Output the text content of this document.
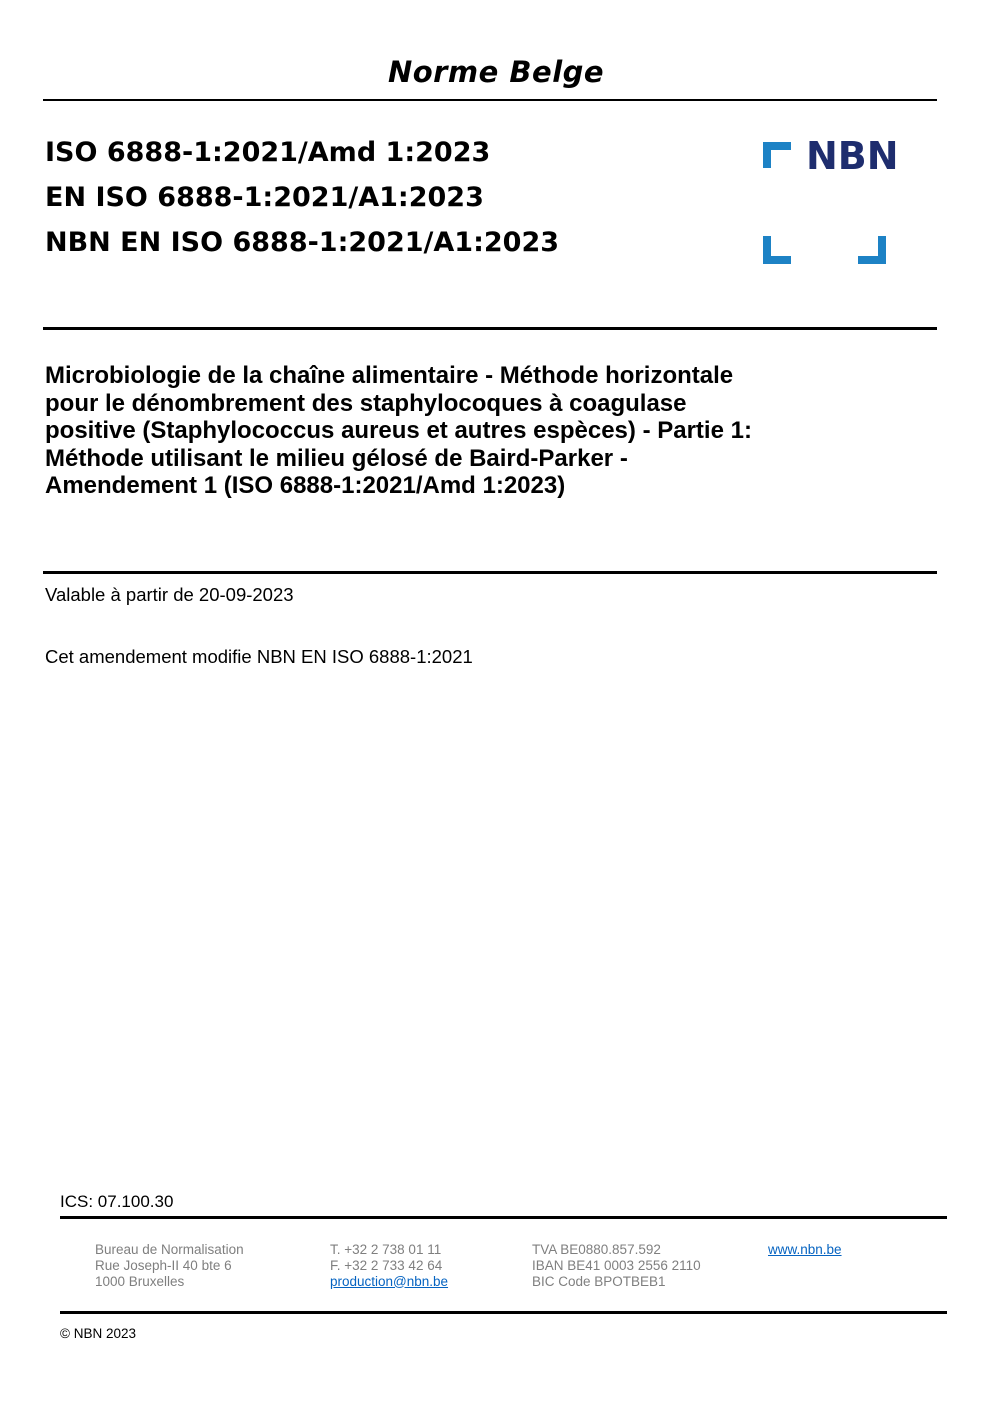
Norme Belge
ISO 6888-1:2021/Amd 1:2023
EN ISO 6888-1:2021/A1:2023
NBN EN ISO 6888-1:2021/A1:2023
NBN
Microbiologie de la chaîne alimentaire - Méthode horizontale
pour le dénombrement des staphylocoques à coagulase
positive (Staphylococcus aureus et autres espèces) - Partie 1:
Méthode utilisant le milieu gélosé de Baird-Parker -
Amendement 1 (ISO 6888-1:2021/Amd 1:2023)
Valable à partir de 20-09-2023
Cet amendement modifie NBN EN ISO 6888-1:2021
ICS: 07.100.30
Bureau de Normalisation
Rue Joseph-II 40 bte 6
1000 Bruxelles
T. +32 2 738 01 11
F. +32 2 733 42 64
production@nbn.be
TVA BE0880.857.592
IBAN BE41 0003 2556 2110
BIC Code BPOTBEB1
www.nbn.be
© NBN 2023
